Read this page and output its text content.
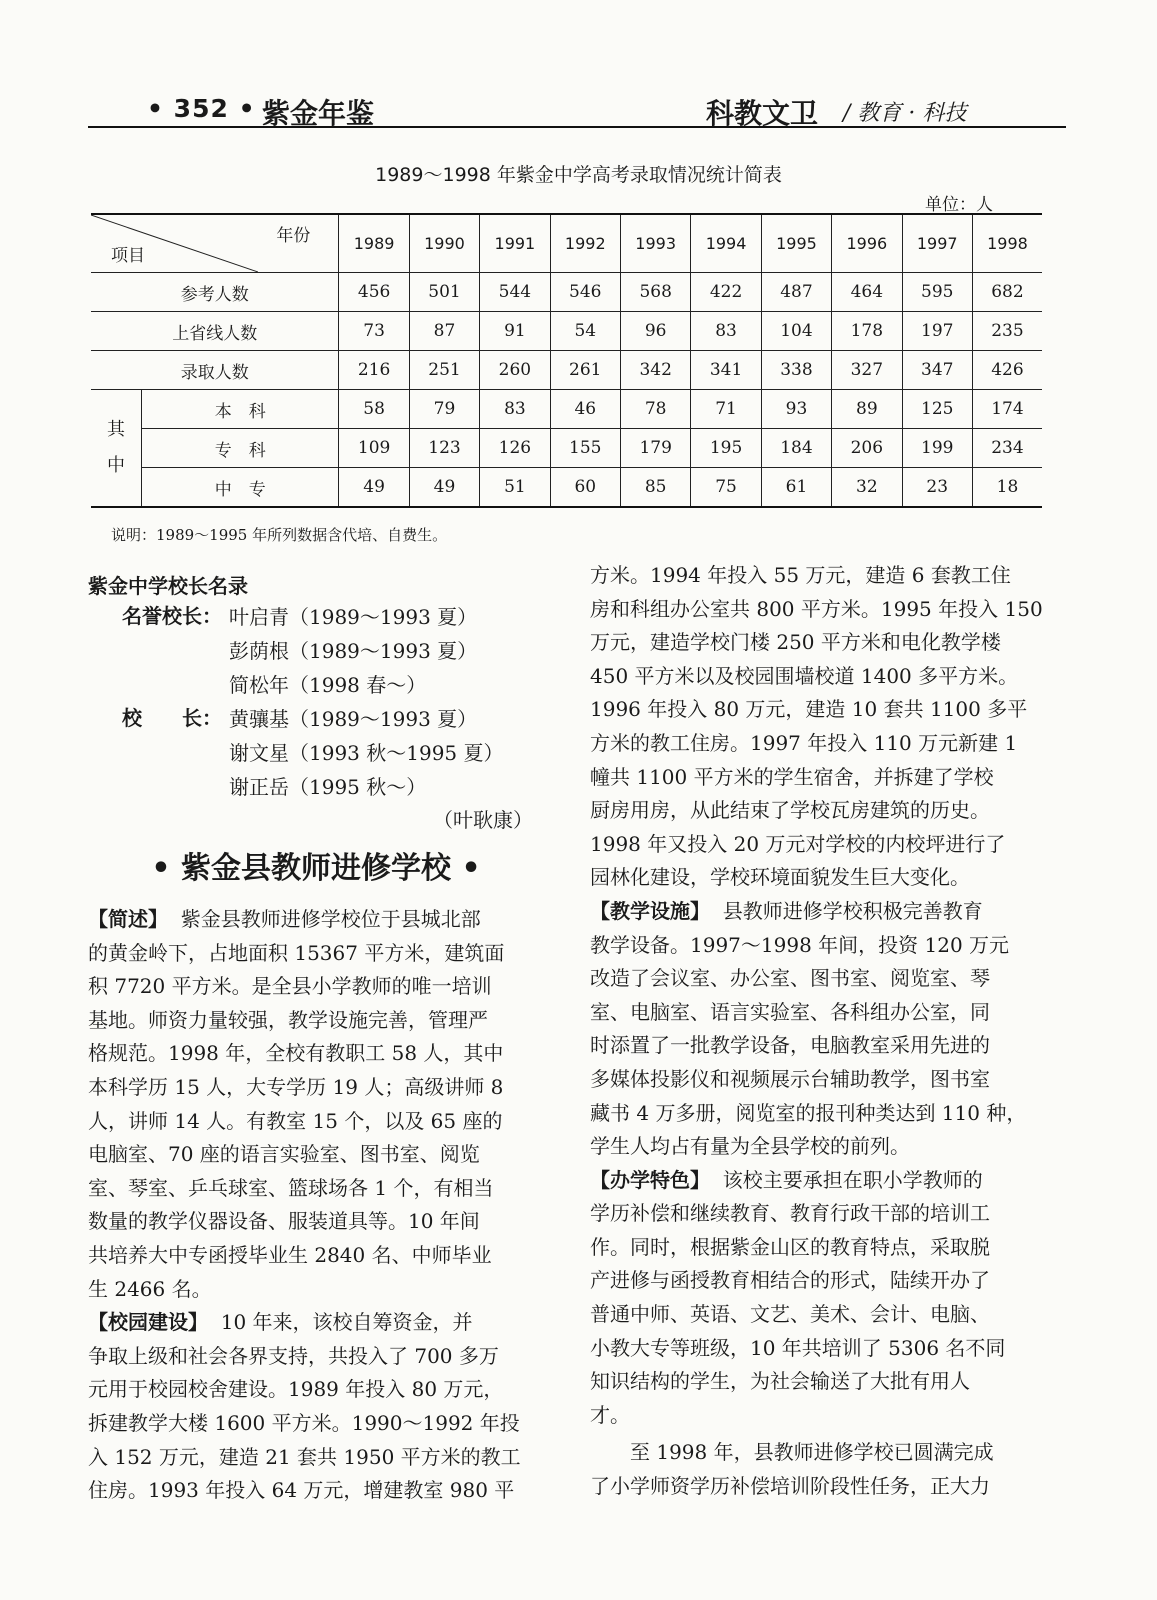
• 352 • 紫金年鉴	科教文卫 / 教育 · 科技
1989～1998 年紫金中学高考录取情况统计简表
单位：人
年份
项目		1989	1990	1991	1992	1993	1994	1995	1996	1997	1998
参考人数		456	501	544	546	568	422	487	464	595	682
上省线人数		73	87	91	54	96	83	104	178	197	235
录取人数		216	251	260	261	342	341	338	327	347	426

其中	本　科	58	79	83	46	78	71	93	89	125	174
	专　科	109	123	126	155	179	195	184	206	199	234
	中　专	49	49	51	60	85	75	61	32	23	18
说明：1989～1995 年所列数据含代培、自费生。
紫金中学校长名录
名誉校长： 叶启青（1989～1993 夏）
彭荫根（1989～1993 夏）
简松年（1998 春～）
校　　长： 黄骧基（1989～1993 夏）
谢文星（1993 秋～1995 夏）
谢正岳（1995 秋～）
（叶耿康）
• 紫金县教师进修学校 •
【简述】 紫金县教师进修学校位于县城北部
的黄金岭下，占地面积 15367 平方米，建筑面
积 7720 平方米。是全县小学教师的唯一培训
基地。师资力量较强，教学设施完善，管理严
格规范。1998 年，全校有教职工 58 人，其中
本科学历 15 人，大专学历 19 人；高级讲师 8
人，讲师 14 人。有教室 15 个，以及 65 座的
电脑室、70 座的语言实验室、图书室、阅览
室、琴室、乒乓球室、篮球场各 1 个，有相当
数量的教学仪器设备、服装道具等。10 年间
共培养大中专函授毕业生 2840 名、中师毕业
生 2466 名。
【校园建设】 10 年来，该校自筹资金，并
争取上级和社会各界支持，共投入了 700 多万
元用于校园校舍建设。1989 年投入 80 万元，
拆建教学大楼 1600 平方米。1990～1992 年投
入 152 万元，建造 21 套共 1950 平方米的教工
住房。1993 年投入 64 万元，增建教室 980 平
方米。1994 年投入 55 万元，建造 6 套教工住
房和科组办公室共 800 平方米。1995 年投入 150
万元，建造学校门楼 250 平方米和电化教学楼
450 平方米以及校园围墙校道 1400 多平方米。
1996 年投入 80 万元，建造 10 套共 1100 多平
方米的教工住房。1997 年投入 110 万元新建 1
幢共 1100 平方米的学生宿舍，并拆建了学校
厨房用房，从此结束了学校瓦房建筑的历史。
1998 年又投入 20 万元对学校的内校坪进行了
园林化建设，学校环境面貌发生巨大变化。
【教学设施】 县教师进修学校积极完善教育
教学设备。1997～1998 年间，投资 120 万元
改造了会议室、办公室、图书室、阅览室、琴
室、电脑室、语言实验室、各科组办公室，同
时添置了一批教学设备，电脑教室采用先进的
多媒体投影仪和视频展示台辅助教学，图书室
藏书 4 万多册，阅览室的报刊种类达到 110 种，
学生人均占有量为全县学校的前列。
【办学特色】 该校主要承担在职小学教师的
学历补偿和继续教育、教育行政干部的培训工
作。同时，根据紫金山区的教育特点，采取脱
产进修与函授教育相结合的形式，陆续开办了
普通中师、英语、文艺、美术、会计、电脑、
小教大专等班级，10 年共培训了 5306 名不同
知识结构的学生，为社会输送了大批有用人
才。
至 1998 年，县教师进修学校已圆满完成
了小学师资学历补偿培训阶段性任务，正大力
